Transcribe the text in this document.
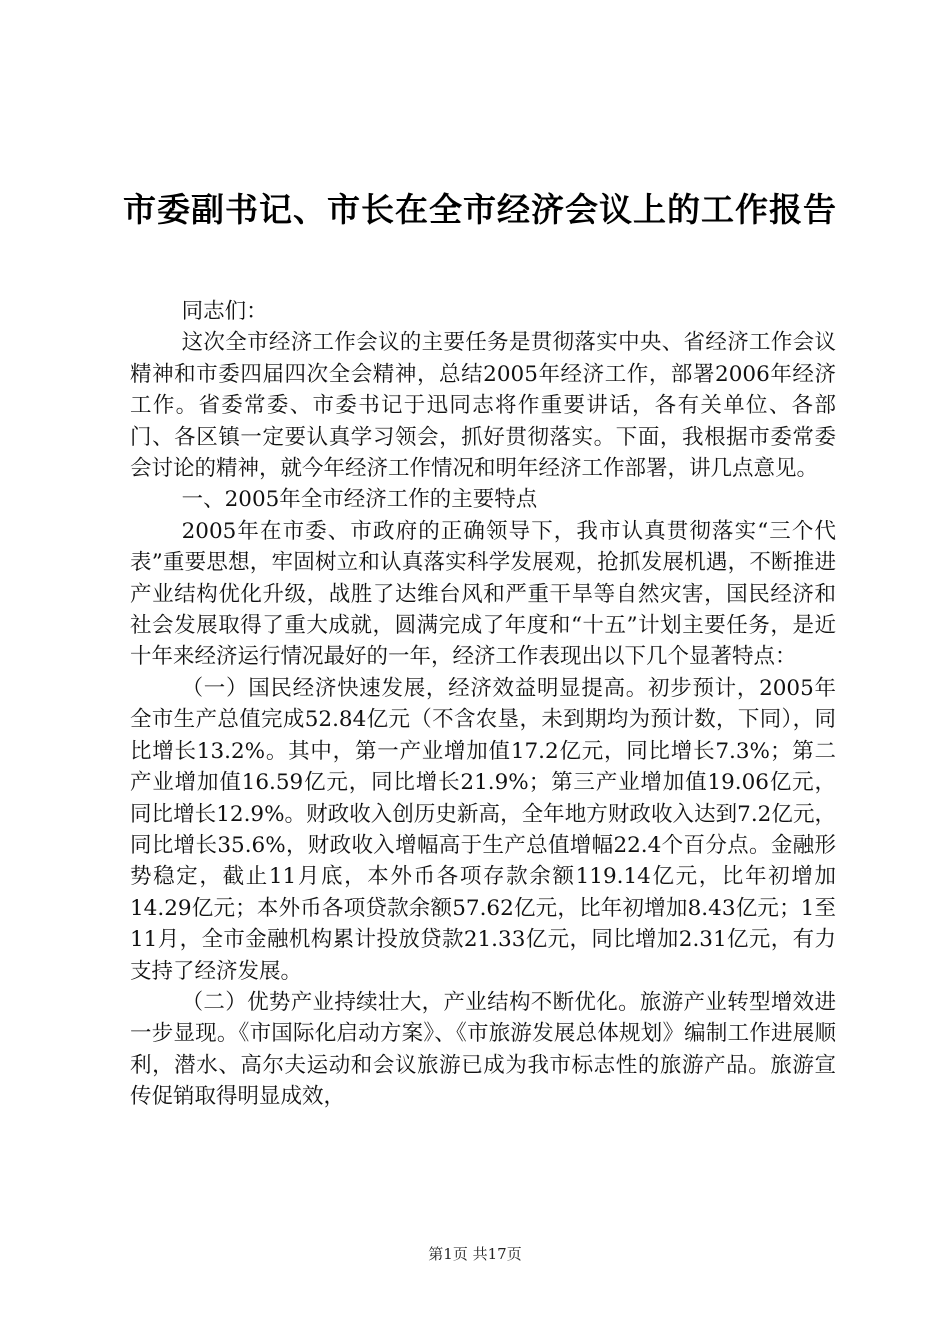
市委副书记、市长在全市经济会议上的工作报告

同志们：

这次全市经济工作会议的主要任务是贯彻落实中央、省经济工作会议精神和市委四届四次全会精神，总结2005年经济工作，部署2006年经济工作。省委常委、市委书记于迅同志将作重要讲话，各有关单位、各部门、各区镇一定要认真学习领会，抓好贯彻落实。下面，我根据市委常委会讨论的精神，就今年经济工作情况和明年经济工作部署，讲几点意见。

一、2005年全市经济工作的主要特点

2005年在市委、市政府的正确领导下，我市认真贯彻落实“三个代表”重要思想，牢固树立和认真落实科学发展观，抢抓发展机遇，不断推进产业结构优化升级，战胜了达维台风和严重干旱等自然灾害，国民经济和社会发展取得了重大成就，圆满完成了年度和“十五”计划主要任务，是近十年来经济运行情况最好的一年，经济工作表现出以下几个显著特点：

（一）国民经济快速发展，经济效益明显提高。初步预计，2005年全市生产总值完成52.84亿元（不含农垦，未到期均为预计数，下同），同比增长13.2%。其中，第一产业增加值17.2亿元，同比增长7.3%；第二产业增加值16.59亿元，同比增长21.9%；第三产业增加值19.06亿元，同比增长12.9%。财政收入创历史新高，全年地方财政收入达到7.2亿元，同比增长35.6%，财政收入增幅高于生产总值增幅22.4个百分点。金融形势稳定，截止11月底，本外币各项存款余额119.14亿元，比年初增加14.29亿元；本外币各项贷款余额57.62亿元，比年初增加8.43亿元；1至11月，全市金融机构累计投放贷款21.33亿元，同比增加2.31亿元，有力支持了经济发展。

（二）优势产业持续壮大，产业结构不断优化。旅游产业转型增效进一步显现。《市国际化启动方案》、《市旅游发展总体规划》编制工作进展顺利，潜水、高尔夫运动和会议旅游已成为我市标志性的旅游产品。旅游宣传促销取得明显成效，

第1页 共17页
